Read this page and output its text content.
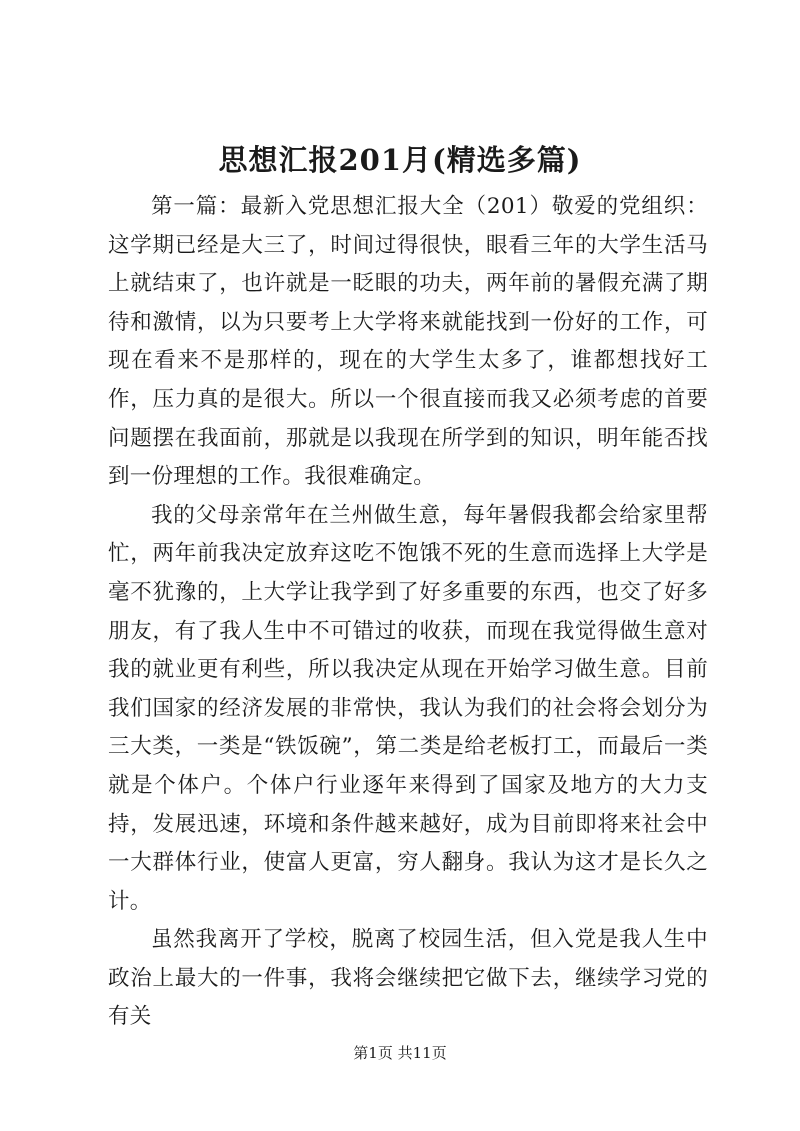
思想汇报201月(精选多篇)

第一篇：最新入党思想汇报大全（201）敬爱的党组织：这学期已经是大三了，时间过得很快，眼看三年的大学生活马上就结束了，也许就是一眨眼的功夫，两年前的暑假充满了期待和激情，以为只要考上大学将来就能找到一份好的工作，可现在看来不是那样的，现在的大学生太多了，谁都想找好工作，压力真的是很大。所以一个很直接而我又必须考虑的首要问题摆在我面前，那就是以我现在所学到的知识，明年能否找到一份理想的工作。我很难确定。

我的父母亲常年在兰州做生意，每年暑假我都会给家里帮忙，两年前我决定放弃这吃不饱饿不死的生意而选择上大学是毫不犹豫的，上大学让我学到了好多重要的东西，也交了好多朋友，有了我人生中不可错过的收获，而现在我觉得做生意对我的就业更有利些，所以我决定从现在开始学习做生意。目前我们国家的经济发展的非常快，我认为我们的社会将会划分为三大类，一类是“铁饭碗”，第二类是给老板打工，而最后一类就是个体户。个体户行业逐年来得到了国家及地方的大力支持，发展迅速，环境和条件越来越好，成为目前即将来社会中一大群体行业，使富人更富，穷人翻身。我认为这才是长久之计。

虽然我离开了学校，脱离了校园生活，但入党是我人生中政治上最大的一件事，我将会继续把它做下去，继续学习党的有关

第1页 共11页
